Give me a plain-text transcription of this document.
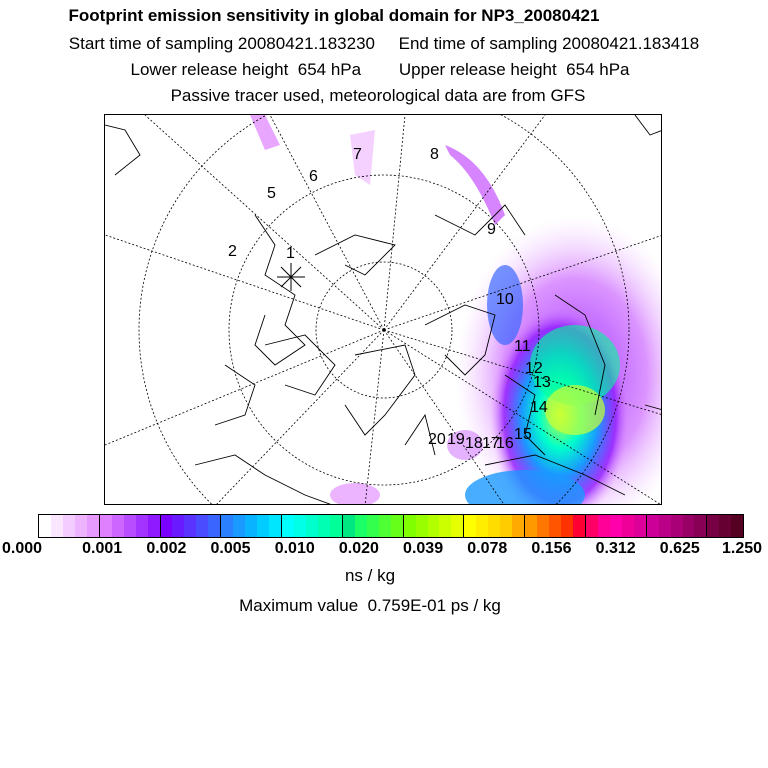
Footprint emission sensitivity in global domain for NP3_20080421
Start time of sampling 20080421.183230     End time of sampling 20080421.183418
Lower release height  654 hPa        Upper release height  654 hPa
Passive tracer used, meteorological data are from GFS
1
2
5
6
7	8
9
10
11
12
13
14
15
16
17
18
19
20
0.000	0.001 0.002 0.005 0.010 0.020 0.039 0.078 0.156 0.312 0.625 1.250
ns / kg
Maximum value  0.759E-01 ps / kg
